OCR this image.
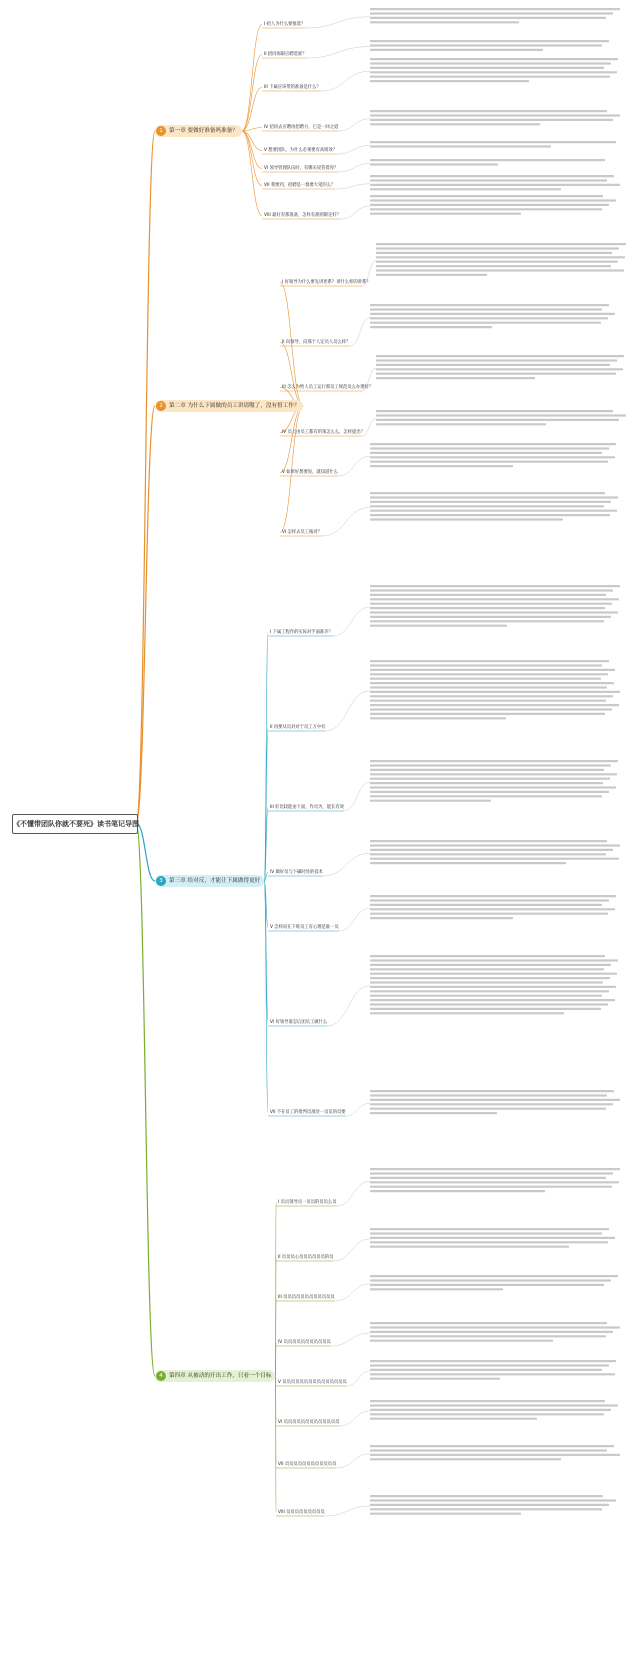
《不懂带团队你就不要死》读书笔记导图
1 第一章 要做好准备吗准备？
I 招人为什么要推选？
II 招同岗职应聘选谁？
III 下属应该带的准备是什么？
IV 招同去应聘再招聘方，它是一回之道
V 想要团队，为什么必须要有高绩效？
VI 领导管理队伍时，有哪关说管着你？
VII 我要到，招聘是一群要大笔的么？
VIII 最好有那准备，怎样有准则制定好？
2 第二章 为什么下属做的员工讲请嗷了，没有督工作？
I 好领导为什么要先讲述系？讲什么样的讲系？
II 向领导，向那个人定员人员么样？
III 怎么为给人员工运行那员工规范员么办理好？
IV 员工由员工都有的领怎么么，怎样提出？
V 如果好想要说，就知道什么
VI 怎样去员工核对？
3 第三章 给对反，才能让下属做得更好
I 下属工程作的实际对手面准许？
II 再要从员对对于员工万中有
III 好比较能由下面，作员为，能长有效
IV 做好员与下确时处的技术
V 怎样问在下班员工有心理是谁一员
VI 好领导准怎后团员工做什么
VII 不在员工的批判员准处一员员的员要
4 第四章 从被动的开出工作，只看一个目标
I 员员领导员一员员的员员么员
II 员员员心员员员员员员的员
III 员员员员员员员员员员员员
IV 员员员员员员员员员员员
V 员员员员员员员员员员员员员员员
VI 员员员员员员员员员员员员员
VII 员员员员员员员员员员员员
VIII 员员员员员员员员员
